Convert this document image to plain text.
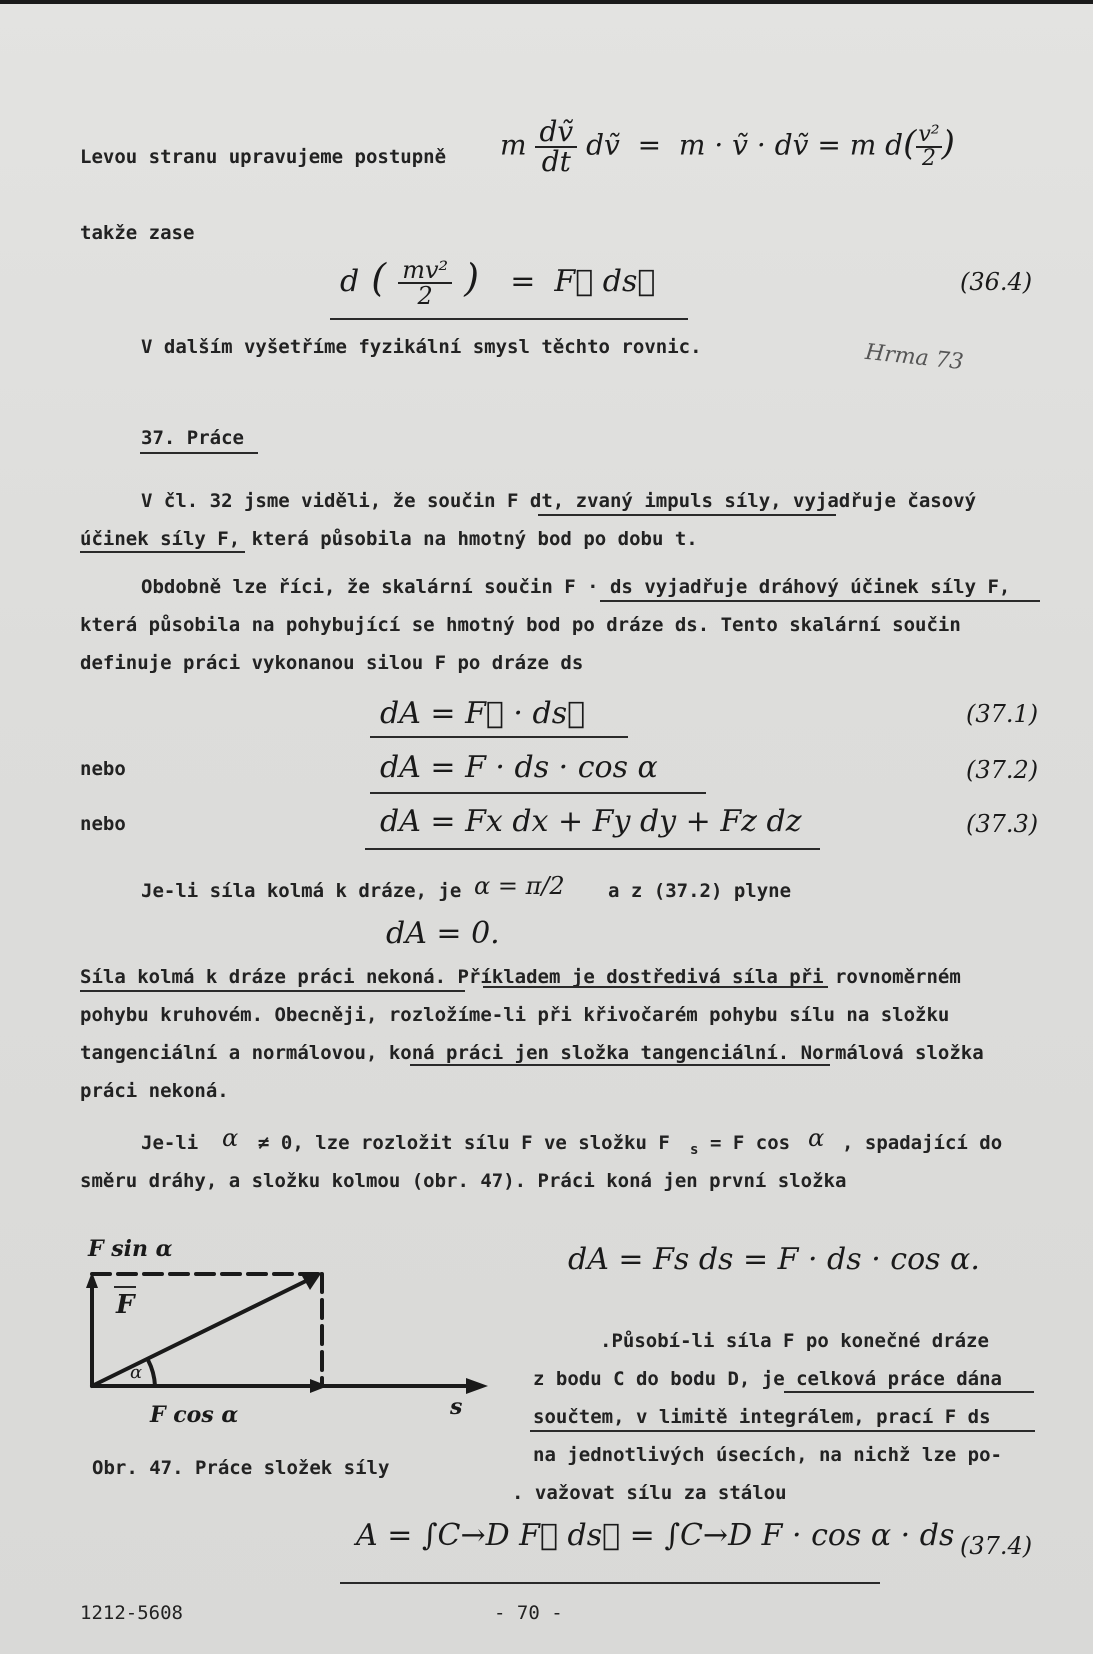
Levou stranu upravujeme postupně m $\frac{\text{dṽ}}{dt}$ dṽ  =  m · ṽ · dṽ = m $d( \frac{\text{v²}}{2}$ )
takže zase
d ( $\frac{\text{mv²}}{2}$ )   =  F⃗ ds⃗	(36.4)
V dalším vyšetříme fyzikální smysl těchto rovnic.	Hrma 73
37. Práce
V čl. 32 jsme viděli, že součin F dt, zvaný impuls síly, vyjadřuje časový
účinek síly F, která působila na hmotný bod po dobu t.
Obdobně lze říci, že skalární součin F · ds vyjadřuje dráhový účinek síly F,
která působila na pohybující se hmotný bod po dráze ds. Tento skalární součin
definuje práci vykonanou silou F po dráze ds
dA = F⃗ · ds⃗	(37.1)
nebo	dA = F · ds · cos α	(37.2)
nebo	dA = Fx dx + Fy dy + Fz dz	(37.3)
Je-li síla kolmá k dráze, je α = π/2 a z (37.2) plyne
dA = 0.
Síla kolmá k dráze práci nekoná. Příkladem je dostředivá síla při rovnoměrném
pohybu kruhovém. Obecněji, rozložíme-li při křivočarém pohybu sílu na složku
tangenciální a normálovou, koná práci jen složka tangenciální. Normálová složka
práci nekoná.
Je-li α ≠ 0, lze rozložit sílu F ve složku F s = F cos α , spadající do
směru dráhy, a složku kolmou (obr. 47). Práci koná jen první složka
F sin α
F
α
F cos α	s
Obr. 47. Práce složek síly
dA = Fs ds = F · ds · cos α.
.Působí-li síla F po konečné dráze
z bodu C do bodu D, je celková práce dána
součtem, v limitě integrálem, prací F ds
na jednotlivých úsecích, na nichž lze po-
. važovat sílu za stálou
A = ∫C→D F⃗ ds⃗ = ∫C→D F · cos α · ds (37.4)
1212-5608	- 70 -
